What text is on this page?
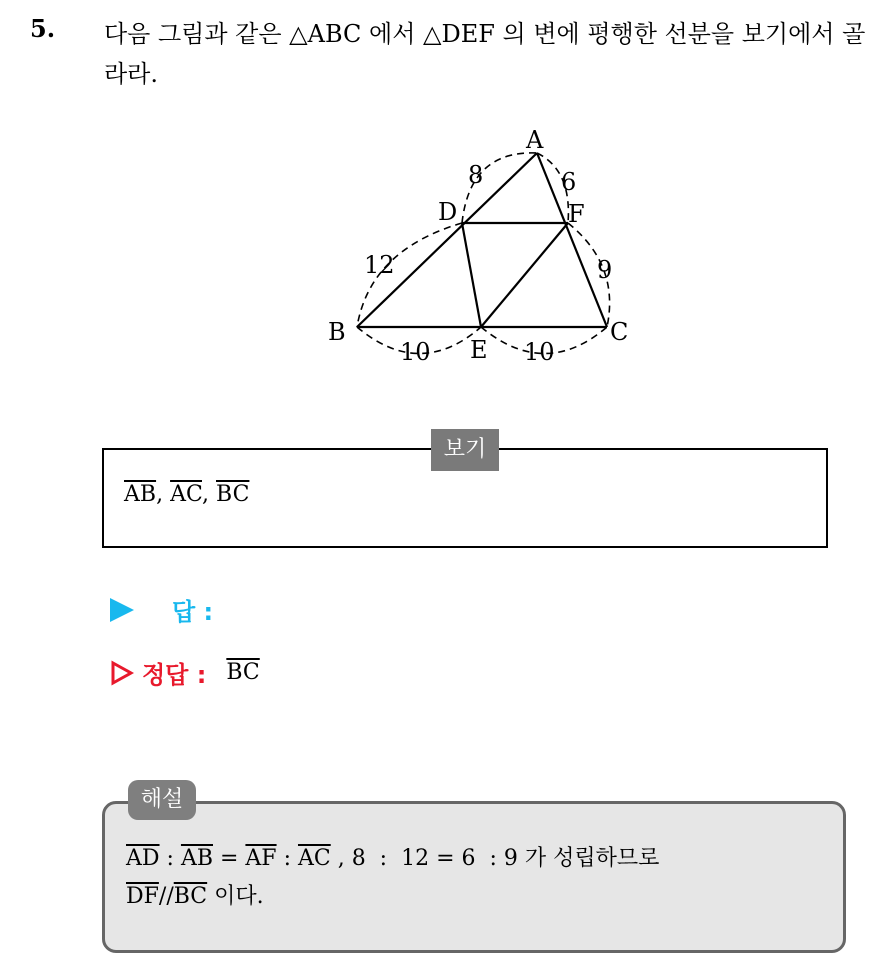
5. 다음 그림과 같은 △ABC 에서 △DEF 의 변에 평행한 선분을 보기에서 골라라.
A
D	F
B
E
C
8	6
12	9
10	10
보기
$\overline{AB}$, $\overline{AC}$, $\overline{BC}$
답 :
정답 : $\overline{BC}$
해설
$\overline{AD}$ : $\overline{AB} = \overline{AF}$ : $\overline{AC}$ , 8  :  12 = 6  : 9 가 성립하므로
$\overline{DF}//\overline{BC}$ 이다.
